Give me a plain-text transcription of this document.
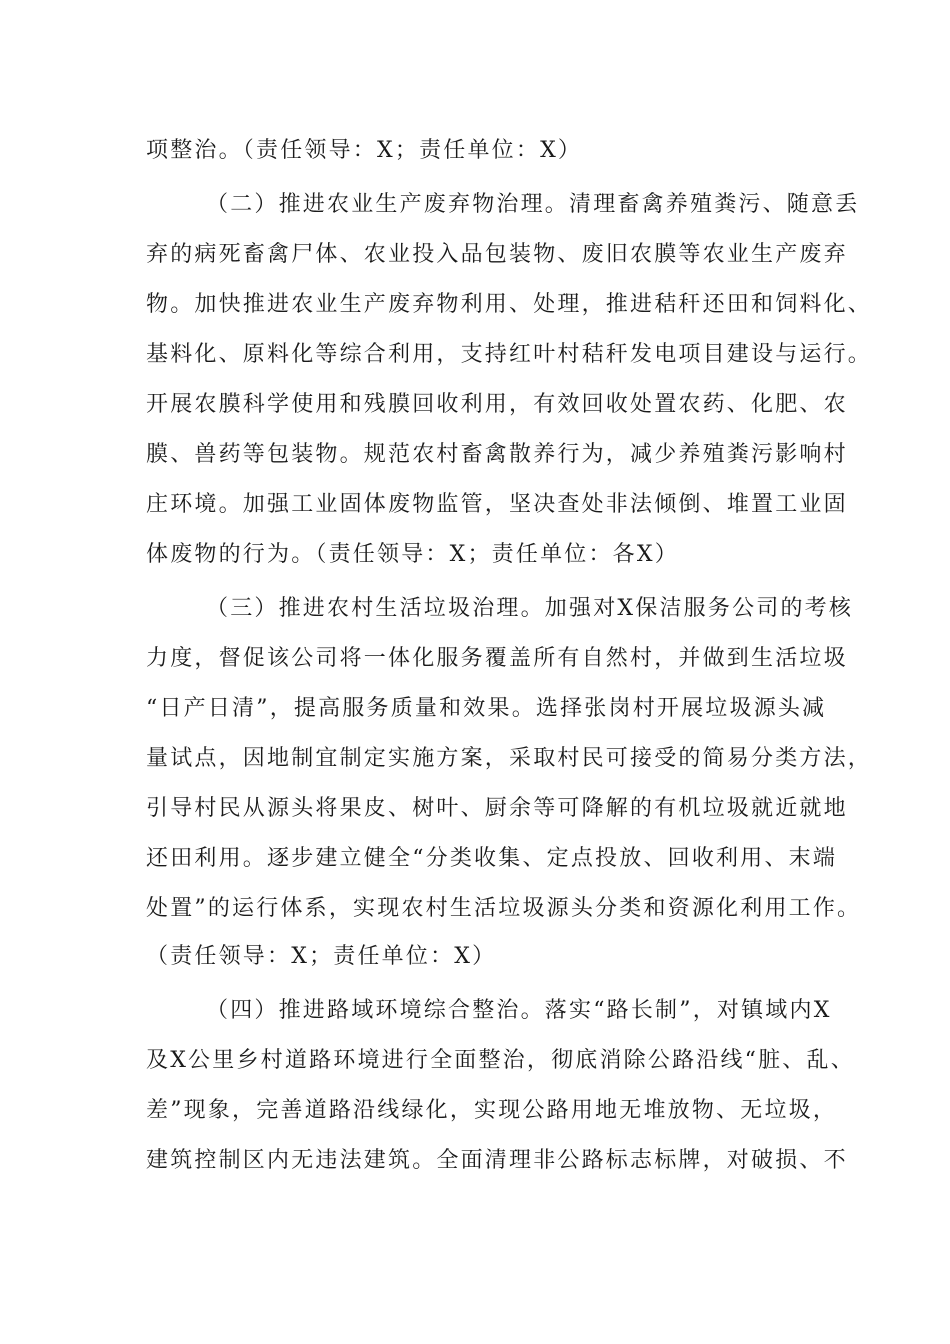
项整治。（责任领导：X；责任单位：X）
（二）推进农业生产废弃物治理。清理畜禽养殖粪污、随意丢
弃的病死畜禽尸体、农业投入品包装物、废旧农膜等农业生产废弃
物。加快推进农业生产废弃物利用、处理，推进秸秆还田和饲料化、
基料化、原料化等综合利用，支持红叶村秸秆发电项目建设与运行。
开展农膜科学使用和残膜回收利用，有效回收处置农药、化肥、农
膜、兽药等包装物。规范农村畜禽散养行为，减少养殖粪污影响村
庄环境。加强工业固体废物监管，坚决查处非法倾倒、堆置工业固
体废物的行为。（责任领导：X；责任单位：各X）
（三）推进农村生活垃圾治理。加强对X保洁服务公司的考核
力度，督促该公司将一体化服务覆盖所有自然村，并做到生活垃圾
“日产日清”，提高服务质量和效果。选择张岗村开展垃圾源头减
量试点，因地制宜制定实施方案，采取村民可接受的简易分类方法，
引导村民从源头将果皮、树叶、厨余等可降解的有机垃圾就近就地
还田利用。逐步建立健全“分类收集、定点投放、回收利用、末端
处置”的运行体系，实现农村生活垃圾源头分类和资源化利用工作。
（责任领导：X；责任单位：X）
（四）推进路域环境综合整治。落实“路长制”，对镇域内X
及X公里乡村道路环境进行全面整治，彻底消除公路沿线“脏、乱、
差”现象，完善道路沿线绿化，实现公路用地无堆放物、无垃圾，
建筑控制区内无违法建筑。全面清理非公路标志标牌，对破损、不
